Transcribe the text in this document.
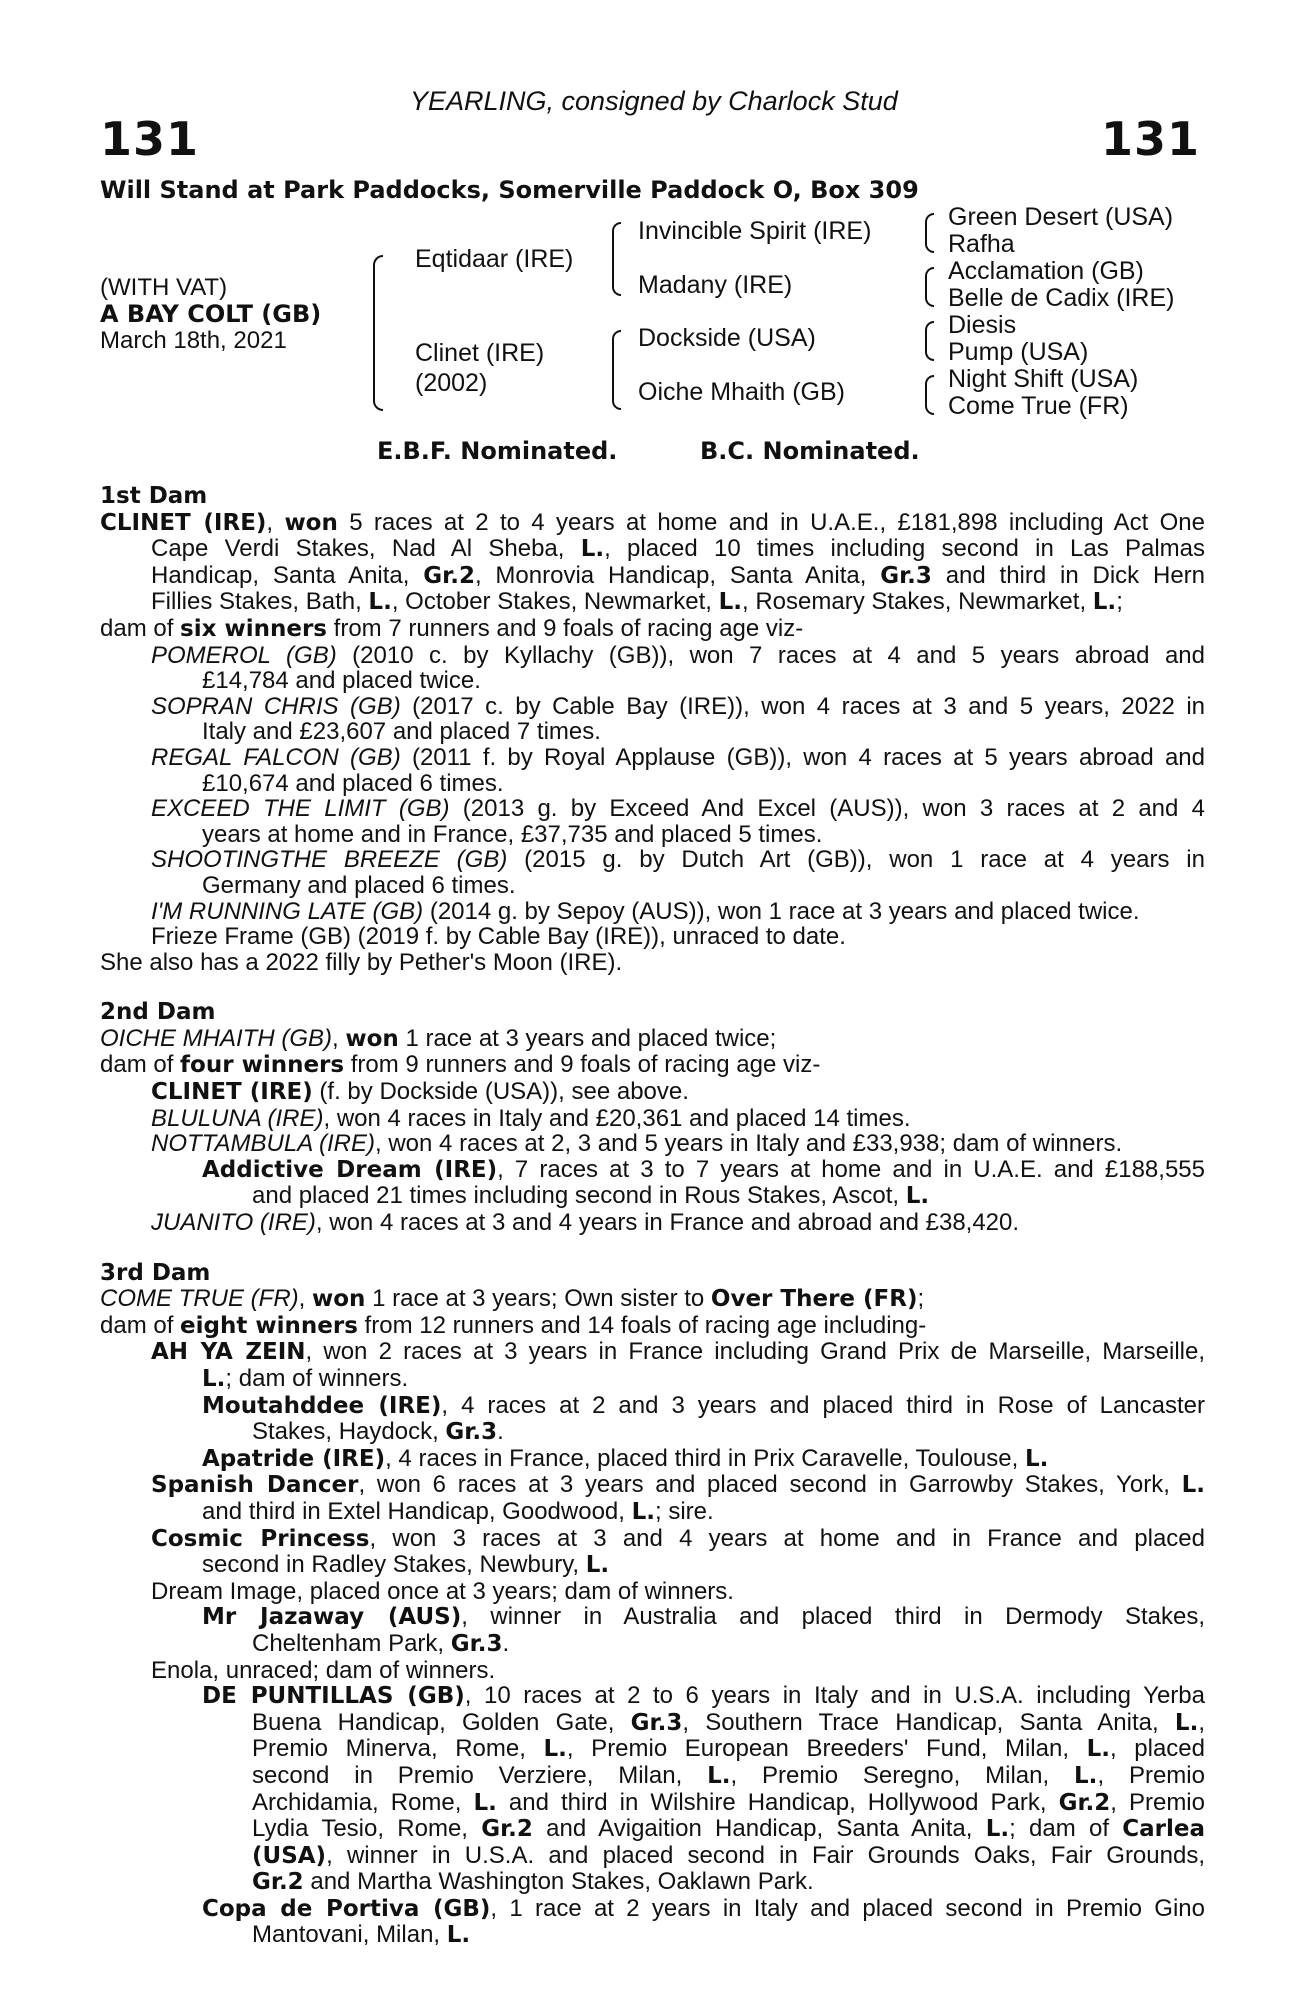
YEARLING, consigned by Charlock Stud
131	131
Will Stand at Park Paddocks, Somerville Paddock O, Box 309
(WITH VAT)
A BAY COLT (GB)
March 18th, 2021
Eqtidaar (IRE)
Clinet (IRE)
(2002)
Invincible Spirit (IRE)
Madany (IRE)
Dockside (USA)
Oiche Mhaith (GB)
Green Desert (USA)
Rafha
Acclamation (GB)
Belle de Cadix (IRE)
Diesis
Pump (USA)
Night Shift (USA)
Come True (FR)
E.B.F. Nominated.	B.C. Nominated.
1st Dam
CLINET (IRE), won 5 races at 2 to 4 years at home and in U.A.E., £181,898 including Act One
Cape Verdi Stakes, Nad Al Sheba, L., placed 10 times including second in Las Palmas
Handicap, Santa Anita, Gr.2, Monrovia Handicap, Santa Anita, Gr.3 and third in Dick Hern
Fillies Stakes, Bath, L., October Stakes, Newmarket, L., Rosemary Stakes, Newmarket, L.;
dam of six winners from 7 runners and 9 foals of racing age viz-
POMEROL (GB) (2010 c. by Kyllachy (GB)), won 7 races at 4 and 5 years abroad and
£14,784 and placed twice.
SOPRAN CHRIS (GB) (2017 c. by Cable Bay (IRE)), won 4 races at 3 and 5 years, 2022 in
Italy and £23,607 and placed 7 times.
REGAL FALCON (GB) (2011 f. by Royal Applause (GB)), won 4 races at 5 years abroad and
£10,674 and placed 6 times.
EXCEED THE LIMIT (GB) (2013 g. by Exceed And Excel (AUS)), won 3 races at 2 and 4
years at home and in France, £37,735 and placed 5 times.
SHOOTINGTHE BREEZE (GB) (2015 g. by Dutch Art (GB)), won 1 race at 4 years in
Germany and placed 6 times.
I'M RUNNING LATE (GB) (2014 g. by Sepoy (AUS)), won 1 race at 3 years and placed twice.
Frieze Frame (GB) (2019 f. by Cable Bay (IRE)), unraced to date.
She also has a 2022 filly by Pether's Moon (IRE).
2nd Dam
OICHE MHAITH (GB), won 1 race at 3 years and placed twice;
dam of four winners from 9 runners and 9 foals of racing age viz-
CLINET (IRE) (f. by Dockside (USA)), see above.
BLULUNA (IRE), won 4 races in Italy and £20,361 and placed 14 times.
NOTTAMBULA (IRE), won 4 races at 2, 3 and 5 years in Italy and £33,938; dam of winners.
Addictive Dream (IRE), 7 races at 3 to 7 years at home and in U.A.E. and £188,555
and placed 21 times including second in Rous Stakes, Ascot, L.
JUANITO (IRE), won 4 races at 3 and 4 years in France and abroad and £38,420.
3rd Dam
COME TRUE (FR), won 1 race at 3 years; Own sister to Over There (FR);
dam of eight winners from 12 runners and 14 foals of racing age including-
AH YA ZEIN, won 2 races at 3 years in France including Grand Prix de Marseille, Marseille,
L.; dam of winners.
Moutahddee (IRE), 4 races at 2 and 3 years and placed third in Rose of Lancaster
Stakes, Haydock, Gr.3.
Apatride (IRE), 4 races in France, placed third in Prix Caravelle, Toulouse, L.
Spanish Dancer, won 6 races at 3 years and placed second in Garrowby Stakes, York, L.
and third in Extel Handicap, Goodwood, L.; sire.
Cosmic Princess, won 3 races at 3 and 4 years at home and in France and placed
second in Radley Stakes, Newbury, L.
Dream Image, placed once at 3 years; dam of winners.
Mr Jazaway (AUS), winner in Australia and placed third in Dermody Stakes,
Cheltenham Park, Gr.3.
Enola, unraced; dam of winners.
DE PUNTILLAS (GB), 10 races at 2 to 6 years in Italy and in U.S.A. including Yerba
Buena Handicap, Golden Gate, Gr.3, Southern Trace Handicap, Santa Anita, L.,
Premio Minerva, Rome, L., Premio European Breeders' Fund, Milan, L., placed
second in Premio Verziere, Milan, L., Premio Seregno, Milan, L., Premio
Archidamia, Rome, L. and third in Wilshire Handicap, Hollywood Park, Gr.2, Premio
Lydia Tesio, Rome, Gr.2 and Avigaition Handicap, Santa Anita, L.; dam of Carlea
(USA), winner in U.S.A. and placed second in Fair Grounds Oaks, Fair Grounds,
Gr.2 and Martha Washington Stakes, Oaklawn Park.
Copa de Portiva (GB), 1 race at 2 years in Italy and placed second in Premio Gino
Mantovani, Milan, L.
